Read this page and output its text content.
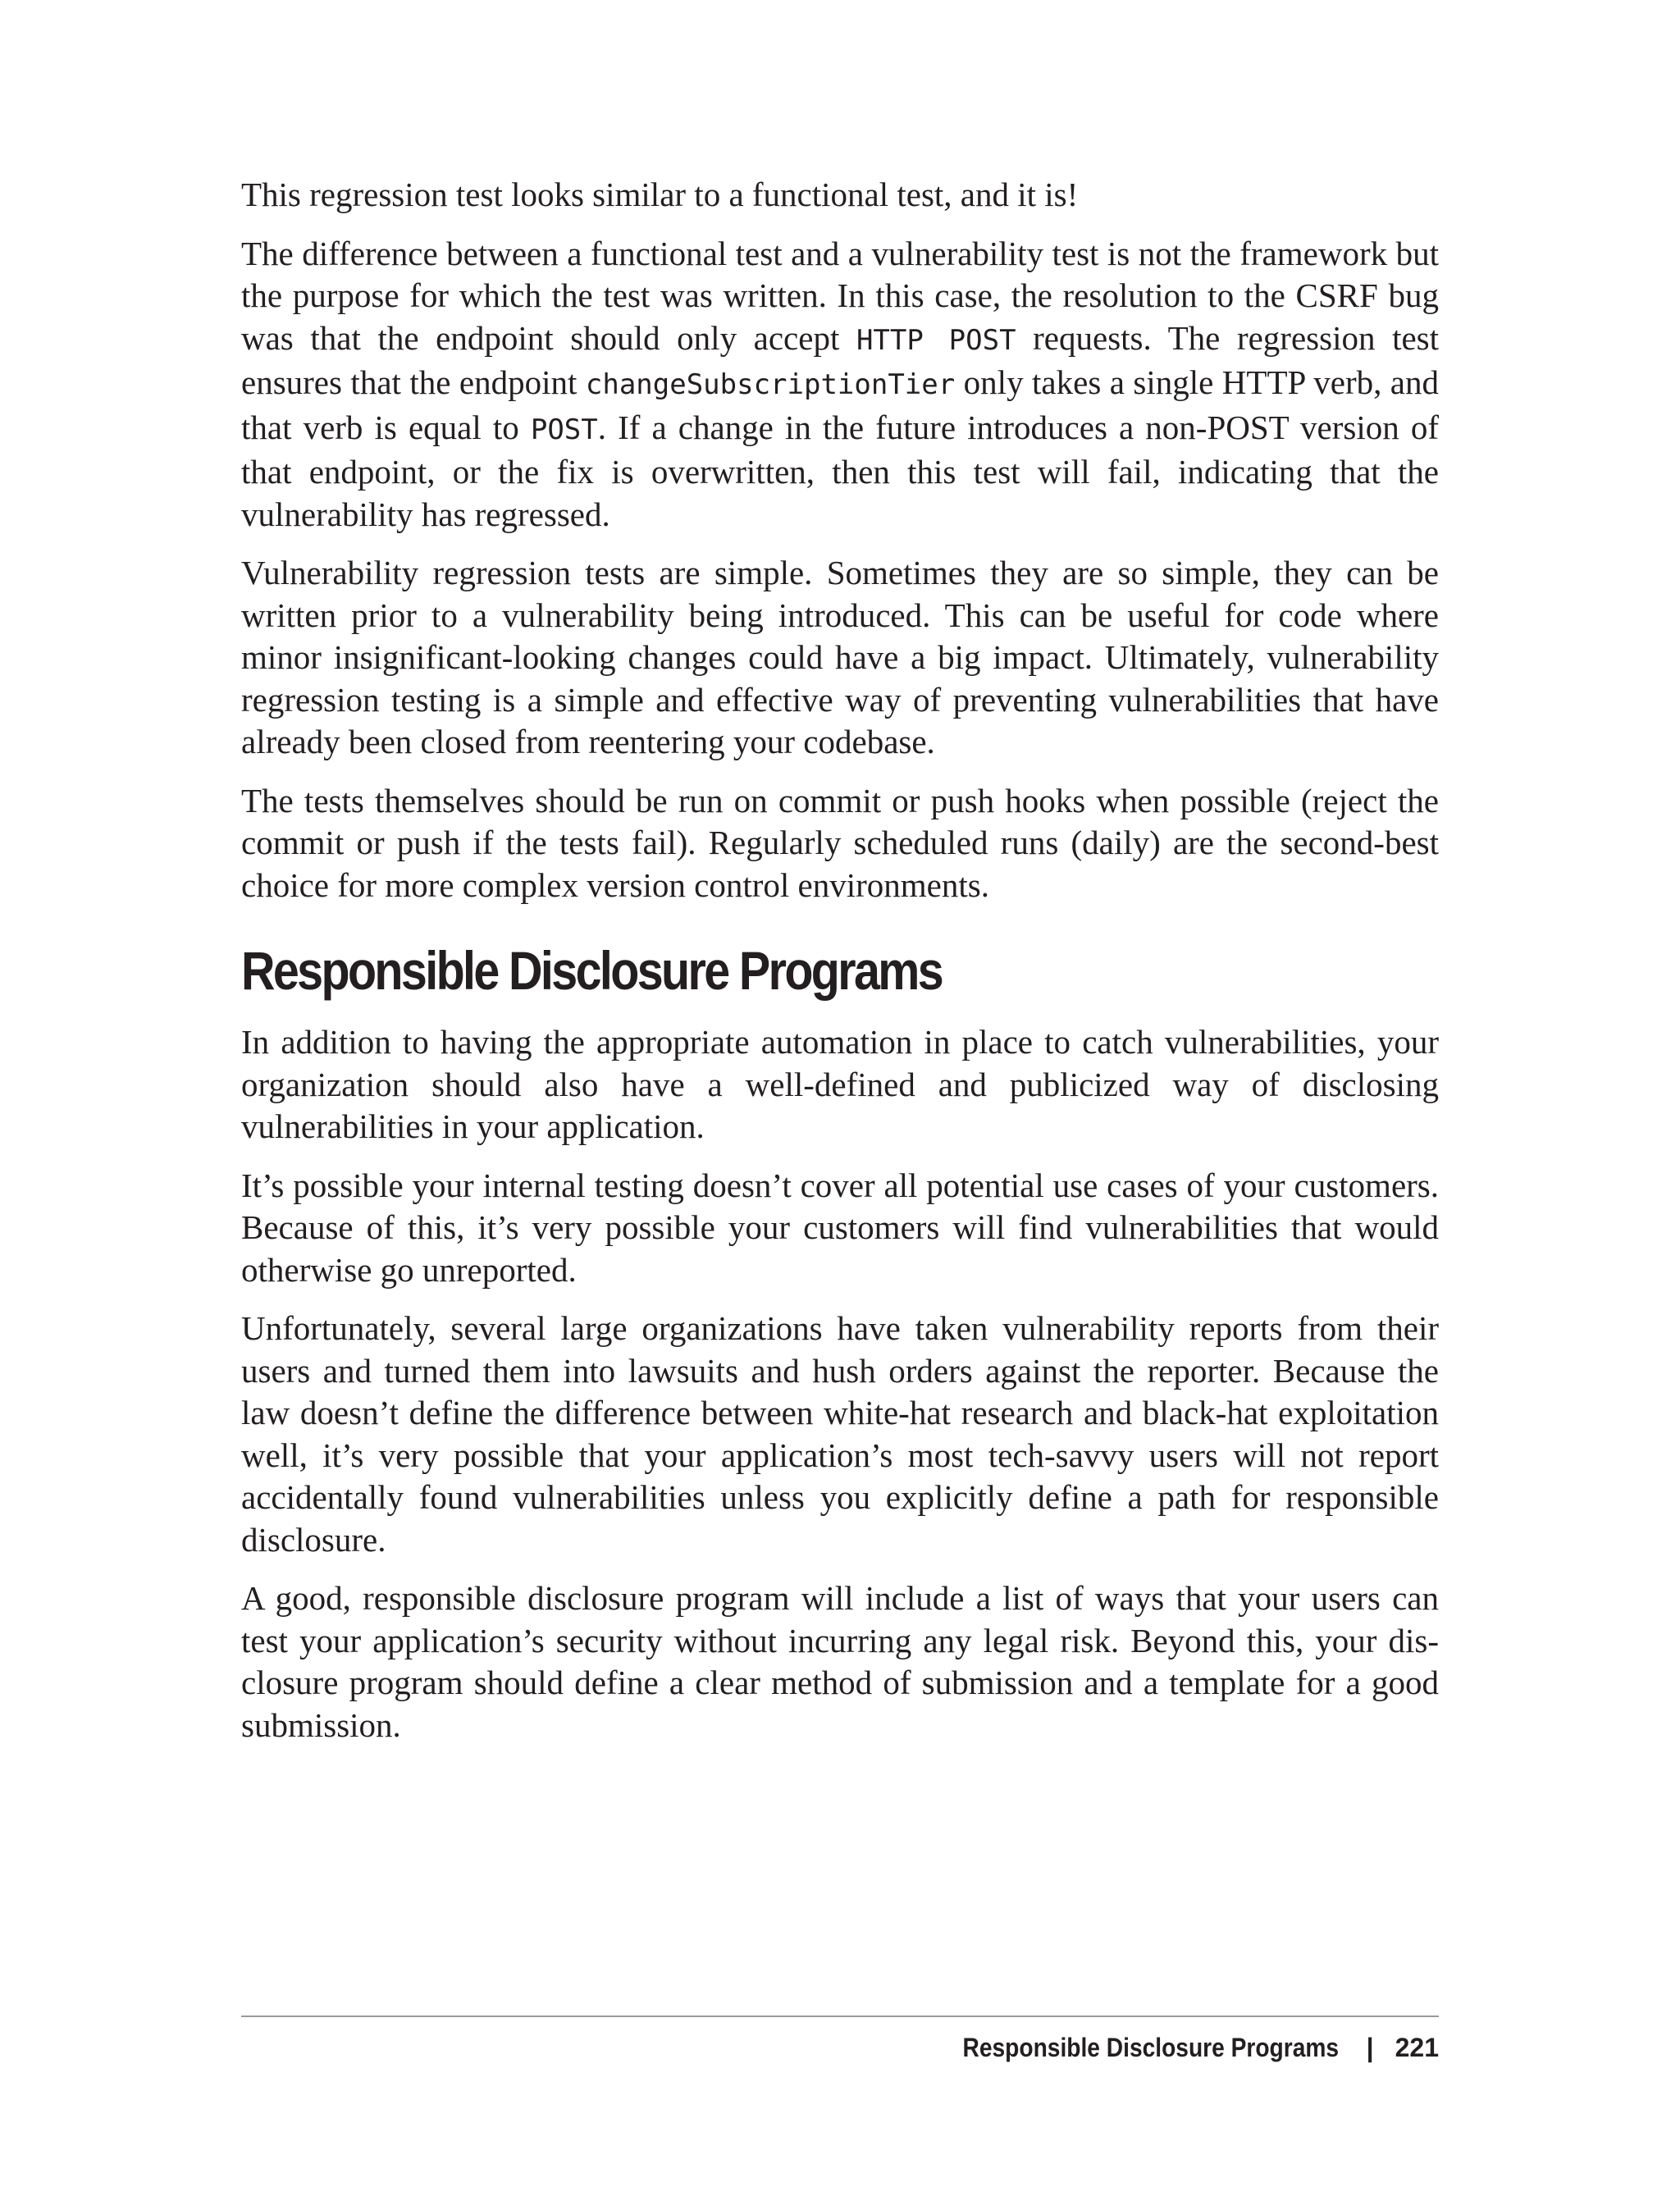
This regression test looks similar to a functional test, and it is!

The difference between a functional test and a vulnerability test is not the framework but the purpose for which the test was written. In this case, the resolution to the CSRF bug was that the endpoint should only accept HTTP POST requests. The regression test ensures that the endpoint changeSubscriptionTier only takes a single HTTP verb, and that verb is equal to POST. If a change in the future introduces a non-POST version of that endpoint, or the fix is overwritten, then this test will fail, indicating that the vulnerability has regressed.

Vulnerability regression tests are simple. Sometimes they are so simple, they can be written prior to a vulnerability being introduced. This can be useful for code where minor insignificant-looking changes could have a big impact. Ultimately, vulnerability regression testing is a simple and effective way of preventing vulnerabilities that have already been closed from reentering your codebase.

The tests themselves should be run on commit or push hooks when possible (reject the commit or push if the tests fail). Regularly scheduled runs (daily) are the second-best choice for more complex version control environments.

Responsible Disclosure Programs

In addition to having the appropriate automation in place to catch vulnerabilities, your organization should also have a well-defined and publicized way of disclosing vulnerabilities in your application.

It’s possible your internal testing doesn’t cover all potential use cases of your customers. Because of this, it’s very possible your customers will find vulnerabilities that would otherwise go unreported.

Unfortunately, several large organizations have taken vulnerability reports from their users and turned them into lawsuits and hush orders against the reporter. Because the law doesn’t define the difference between white-hat research and black-hat exploitation well, it’s very possible that your application’s most tech-savvy users will not report accidentally found vulnerabilities unless you explicitly define a path for responsible disclosure.

A good, responsible disclosure program will include a list of ways that your users can test your application’s security without incurring any legal risk. Beyond this, your disclosure program should define a clear method of submission and a template for a good submission.

Responsible Disclosure Programs | 221
